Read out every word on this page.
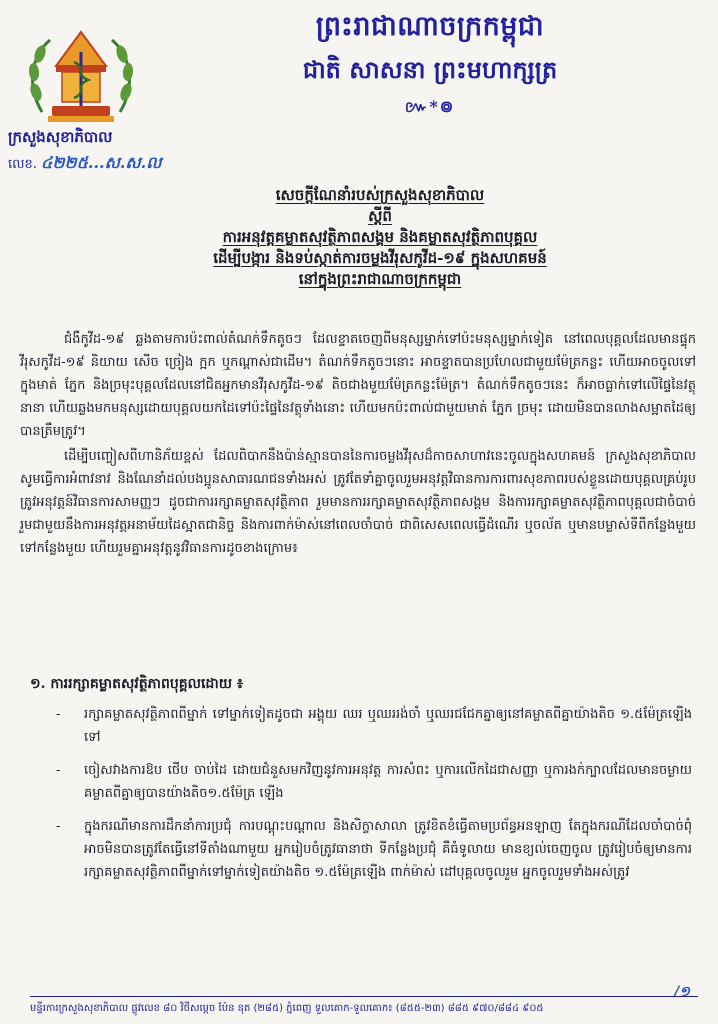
ព្រះរាជាណាចក្រកម្ពុជា
ជាតិ សាសនា ព្រះមហាក្សត្រ
៚*៙
ក្រសួងសុខាភិបាល
លេខ. ៤២២៥...ស.ស.ល
សេចក្តីណែនាំរបស់ក្រសួងសុខាភិបាល
ស្តីពី
ការអនុវត្តគម្លាតសុវត្ថិភាពសង្គម និងគម្លាតសុវត្ថិភាពបុគ្គល
ដើម្បីបង្ការ និងទប់ស្កាត់ការចម្លងវីរុសកូវីដ-១៩ ក្នុងសហគមន៍
នៅក្នុងព្រះរាជាណាចក្រកម្ពុជា

ជំងឺកូវីដ-១៩ ឆ្លងតាមការប៉ះពាល់តំណក់ទឹកតូចៗ ដែលខ្ទាតចេញពីមនុស្សម្នាក់ទៅប៉ះមនុស្សម្នាក់ទៀត នៅពេលបុគ្គលដែលមានផ្ទុកវីរុសកូវីដ-១៩ និយាយ សើច ច្រៀង ក្អក ឬកណ្តាស់ជាដើម។ តំណក់ទឹកតូចៗនោះ អាចខ្ទាតបានប្រហែលជាមួយម៉ែត្រកន្លះ ហើយអាចចូលទៅក្នុងមាត់ ភ្នែក និងច្រមុះបុគ្គលដែលនៅជិតអ្នកមានវីរុសកូវីដ-១៩ តិចជាងមួយម៉ែត្រកន្លះម៉ែត្រ។ តំណក់ទឹកតូចៗនេះ ក៏អាចធ្លាក់ទៅលើផ្ទៃនៃវត្ថុនានា ហើយឆ្លងមកមនុស្សដោយបុគ្គលយកដៃទៅប៉ះផ្ទៃនៃវត្ថុទាំងនោះ ហើយមកប៉ះពាល់ជាមួយមាត់ ភ្នែក ច្រមុះ ដោយមិនបានលាងសម្អាតដៃឲ្យបានត្រឹមត្រូវ។

ដើម្បីបញ្ចៀសពីហានិភ័យខ្ពស់ ដែលពិបាកនឹងប៉ាន់ស្មានបាននៃការចម្លងវីរុសដ៏កាចសាហាវនេះចូលក្នុងសហគមន៍ ក្រសួងសុខាភិបាលសូមធ្វើការអំពាវនាវ និងណែនាំដល់បងប្អូនសាធារណជនទាំងអស់ ត្រូវតែទាំគ្នាចូលរួមអនុវត្តវិធានការការពារសុខភាពរបស់ខ្លួនដោយបុគ្គលគ្រប់រូបត្រូវអនុវត្តន៍វិធានការសាមញ្ញៗ ដូចជាការរក្សាគម្លាតសុវត្ថិភាព រួមមានការរក្សាគម្លាតសុវត្ថិភាពសង្គម និងការរក្សាគម្លាតសុវត្ថិភាពបុគ្គលជាចំបាច់ រួមជាមួយនឹងការអនុវត្តអនាម័យដៃស្អាតជានិច្ច និងការពាក់ម៉ាស់នៅពេលចាំបាច់ ជាពិសេសពេលធ្វើដំណើរ ឬចល័ត ឬមានបម្លាស់ទីពីកន្លែងមួយទៅកន្លែងមួយ ហើយរួមគ្នាអនុវត្តនូវវិធានការដូចខាងក្រោម៖

១. ការរក្សាគម្លាតសុវត្ថិភាពបុគ្គលដោយ ៖
- រក្សាគម្លាតសុវត្ថិភាពពីម្នាក់ ទៅម្នាក់ទៀតដូចជា អង្គុយ ឈរ ឬឈររង់ចាំ ឬឈរជជែកគ្នាឲ្យនៅគម្លាតពីគ្នាយ៉ាងតិច ១.៥ម៉ែត្រឡើងទៅ
- ចៀសវាងការឱប ថើប ចាប់ដៃ ដោយជំនួសមកវិញនូវការអនុវត្ត ការសំពះ ឬការលើកដៃជាសញ្ញា ឬការងក់ក្បាលដែលមានចម្ងាយគម្លាតពីគ្នាឲ្យបានយ៉ាងតិច១.៥ម៉ែត្រ ឡើង
- ក្នុងករណីមានការដឹកនាំការប្រជុំ ការបណ្តុះបណ្តាល និងសិក្ខាសាលា ត្រូវខិតខំធ្វើតាមប្រព័ន្ធអនឡាញ តែក្នុងករណីដែលចាំបាច់ពុំអាចមិនបានត្រូវតែធ្វើនៅទីតាំងណាមួយ អ្នករៀបចំត្រូវធានាថា ទីកន្លែងប្រជុំ គឺធំទូលាយ មានខ្យល់ចេញចូល ត្រូវរៀបចំឲ្យមានការរក្សាគម្លាតសុវត្ថិភាពពីម្នាក់ទៅម្នាក់ទៀតយ៉ាងតិច ១.៥ម៉ែត្រឡើង ពាក់ម៉ាស់ ដៅបុគ្គលចូលរួម អ្នកចូលរួមទាំងអស់ត្រូវ
/១
មន្ទីរការក្រសួងសុខាភិបាល ផ្លូវលេខ ៨០ វិថីសម្តេច ប៉ែន នុត (២៨៥) ភ្នំពេញ ទួលគោក-ទួលគោក៖ (៨៥៥-២៣) ៨៨៥ ៩៧០/៨៨៤ ៩០៥
